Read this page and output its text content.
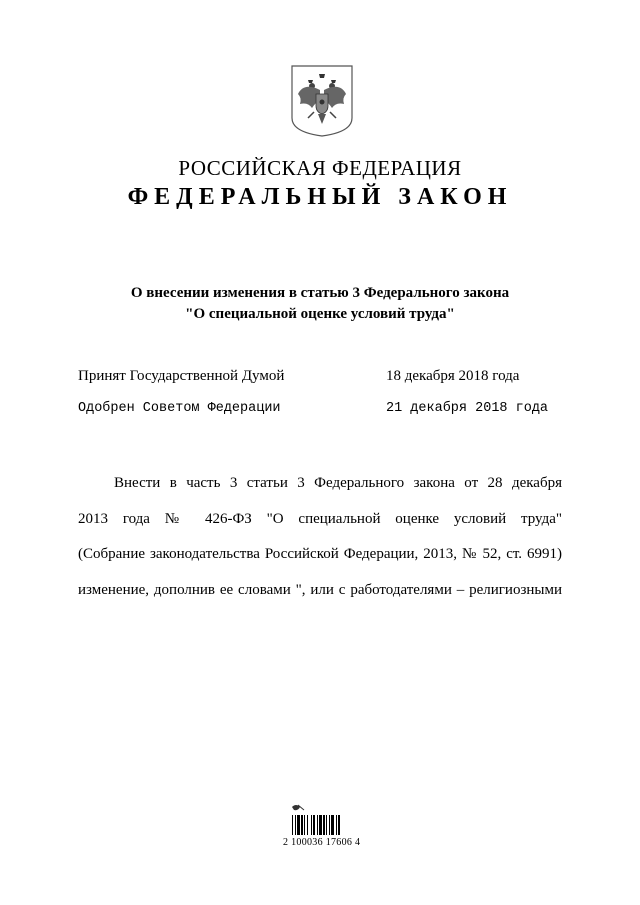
РОССИЙСКАЯ ФЕДЕРАЦИЯ
ФЕДЕРАЛЬНЫЙ ЗАКОН
О внесении изменения в статью 3 Федерального закона
"О специальной оценке условий труда"
Принят Государственной Думой	18 декабря 2018 года
Одобрен Советом Федерации	21 декабря 2018 года
Внести в часть 3 статьи 3 Федерального закона от 28 декабря
2013 года № 426-ФЗ "О специальной оценке условий труда"
(Собрание законодательства Российской Федерации, 2013, № 52, ст. 6991)
изменение, дополнив ее словами ", или с работодателями – религиозными
2 100036 17606 4
